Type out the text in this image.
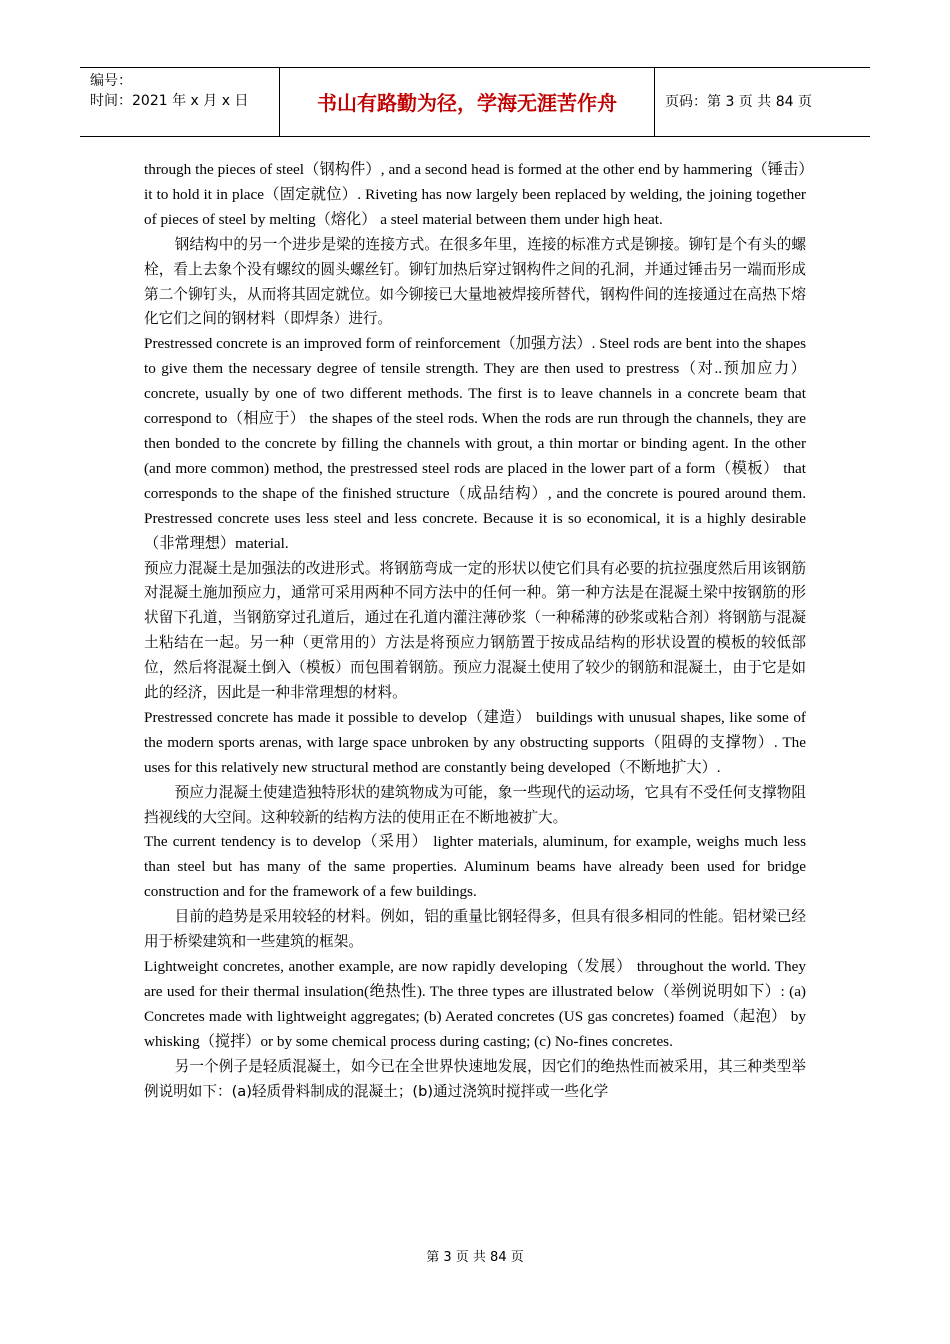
编号：
时间：2021 年 x 月 x 日	书山有路勤为径，学海无涯苦作舟	页码：第 3 页 共 84 页

through the pieces of steel（钢构件）, and a second head is formed at the other end by hammering（锤击）it to hold it in place（固定就位）. Riveting has now largely been replaced by welding, the joining together of pieces of steel by melting（熔化） a steel material between them under high heat.

钢结构中的另一个进步是梁的连接方式。在很多年里，连接的标准方式是铆接。铆钉是个有头的螺栓，看上去象个没有螺纹的圆头螺丝钉。铆钉加热后穿过钢构件之间的孔洞，并通过锤击另一端而形成第二个铆钉头，从而将其固定就位。如今铆接已大量地被焊接所替代，钢构件间的连接通过在高热下熔化它们之间的钢材料（即焊条）进行。

Prestressed concrete is an improved form of reinforcement（加强方法）. Steel rods are bent into the shapes to give them the necessary degree of tensile strength. They are then used to prestress（对..预加应力）concrete, usually by one of two different methods. The first is to leave channels in a concrete beam that correspond to（相应于） the shapes of the steel rods. When the rods are run through the channels, they are then bonded to the concrete by filling the channels with grout, a thin mortar or binding agent. In the other (and more common) method, the prestressed steel rods are placed in the lower part of a form（模板） that corresponds to the shape of the finished structure（成品结构）, and the concrete is poured around them. Prestressed concrete uses less steel and less concrete. Because it is so economical, it is a highly desirable（非常理想）material.

预应力混凝土是加强法的改进形式。将钢筋弯成一定的形状以使它们具有必要的抗拉强度然后用该钢筋对混凝土施加预应力，通常可采用两种不同方法中的任何一种。第一种方法是在混凝土梁中按钢筋的形状留下孔道，当钢筋穿过孔道后，通过在孔道内灌注薄砂浆（一种稀薄的砂浆或粘合剂）将钢筋与混凝土粘结在一起。另一种（更常用的）方法是将预应力钢筋置于按成品结构的形状设置的模板的较低部位，然后将混凝土倒入（模板）而包围着钢筋。预应力混凝土使用了较少的钢筋和混凝土，由于它是如此的经济，因此是一种非常理想的材料。

Prestressed concrete has made it possible to develop（建造） buildings with unusual shapes, like some of the modern sports arenas, with large space unbroken by any obstructing supports（阻碍的支撑物）. The uses for this relatively new structural method are constantly being developed（不断地扩大）.

预应力混凝土使建造独特形状的建筑物成为可能，象一些现代的运动场，它具有不受任何支撑物阻挡视线的大空间。这种较新的结构方法的使用正在不断地被扩大。

The current tendency is to develop（采用） lighter materials, aluminum, for example, weighs much less than steel but has many of the same properties. Aluminum beams have already been used for bridge construction and for the framework of a few buildings.

目前的趋势是采用较轻的材料。例如，铝的重量比钢轻得多，但具有很多相同的性能。铝材梁已经用于桥梁建筑和一些建筑的框架。

Lightweight concretes, another example, are now rapidly developing（发展） throughout the world. They are used for their thermal insulation(绝热性). The three types are illustrated below（举例说明如下）: (a) Concretes made with lightweight aggregates; (b) Aerated concretes (US gas concretes) foamed（起泡） by whisking（搅拌）or by some chemical process during casting; (c) No-fines concretes.

另一个例子是轻质混凝土，如今已在全世界快速地发展，因它们的绝热性而被采用，其三种类型举例说明如下：(a)轻质骨料制成的混凝土；(b)通过浇筑时搅拌或一些化学

第 3 页 共 84 页
